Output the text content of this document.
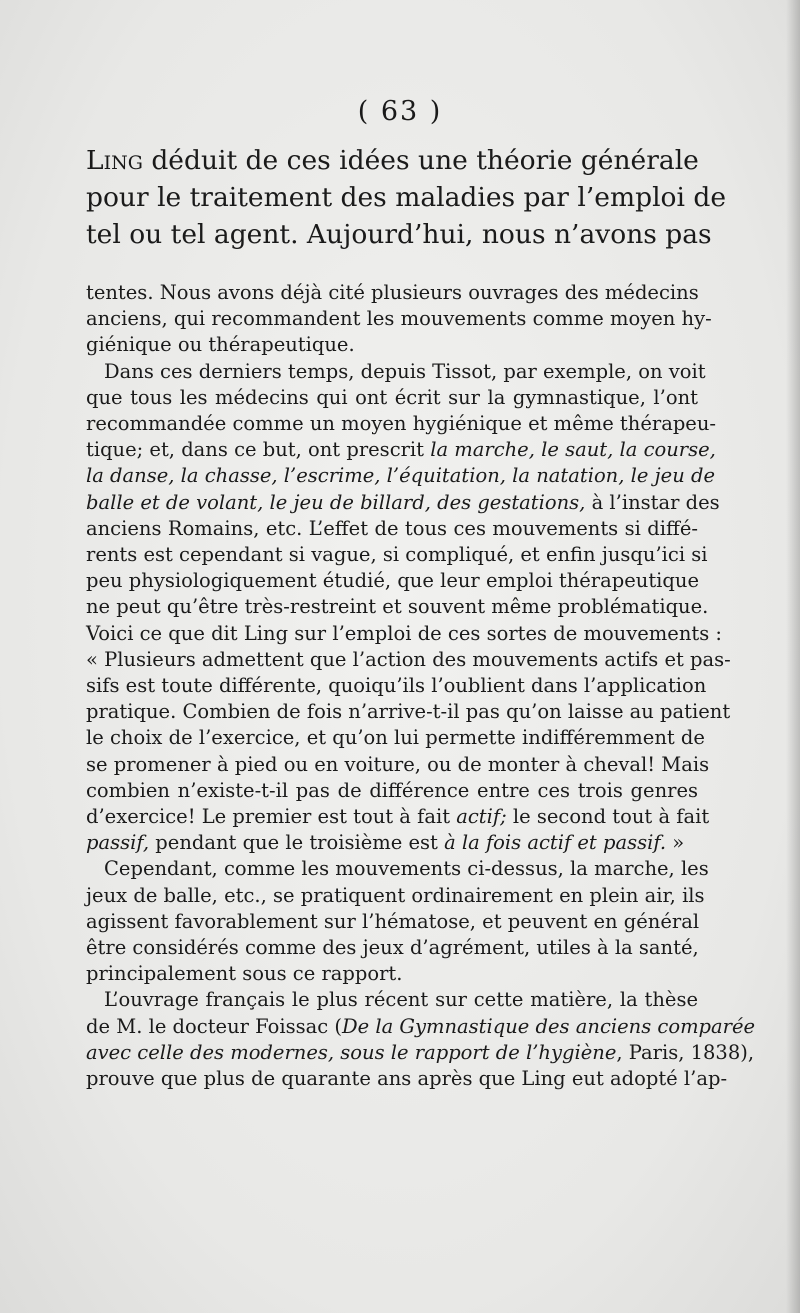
( 63 )
Ling déduit de ces idées une théorie générale
pour le traitement des maladies par l’emploi de
tel ou tel agent. Aujourd’hui, nous n’avons pas
tentes. Nous avons déjà cité plusieurs ouvrages des médecins
anciens, qui recommandent les mouvements comme moyen hy-
giénique ou thérapeutique.
Dans ces derniers temps, depuis Tissot, par exemple, on voit
que tous les médecins qui ont écrit sur la gymnastique, l’ont
recommandée comme un moyen hygiénique et même thérapeu-
tique; et, dans ce but, ont prescrit la marche, le saut, la course,
la danse, la chasse, l’escrime, l’équitation, la natation, le jeu de
balle et de volant, le jeu de billard, des gestations, à l’instar des
anciens Romains, etc. L’effet de tous ces mouvements si diffé-
rents est cependant si vague, si compliqué, et enfin jusqu’ici si
peu physiologiquement étudié, que leur emploi thérapeutique
ne peut qu’être très-restreint et souvent même problématique.
Voici ce que dit Ling sur l’emploi de ces sortes de mouvements :
« Plusieurs admettent que l’action des mouvements actifs et pas-
sifs est toute différente, quoiqu’ils l’oublient dans l’application
pratique. Combien de fois n’arrive-t-il pas qu’on laisse au patient
le choix de l’exercice, et qu’on lui permette indifféremment de
se promener à pied ou en voiture, ou de monter à cheval! Mais
combien n’existe-t-il pas de différence entre ces trois genres
d’exercice! Le premier est tout à fait actif; le second tout à fait
passif, pendant que le troisième est à la fois actif et passif. »
Cependant, comme les mouvements ci-dessus, la marche, les
jeux de balle, etc., se pratiquent ordinairement en plein air, ils
agissent favorablement sur l’hématose, et peuvent en général
être considérés comme des jeux d’agrément, utiles à la santé,
principalement sous ce rapport.
L’ouvrage français le plus récent sur cette matière, la thèse
de M. le docteur Foissac (De la Gymnastique des anciens comparée
avec celle des modernes, sous le rapport de l’hygiène, Paris, 1838),
prouve que plus de quarante ans après que Ling eut adopté l’ap-
